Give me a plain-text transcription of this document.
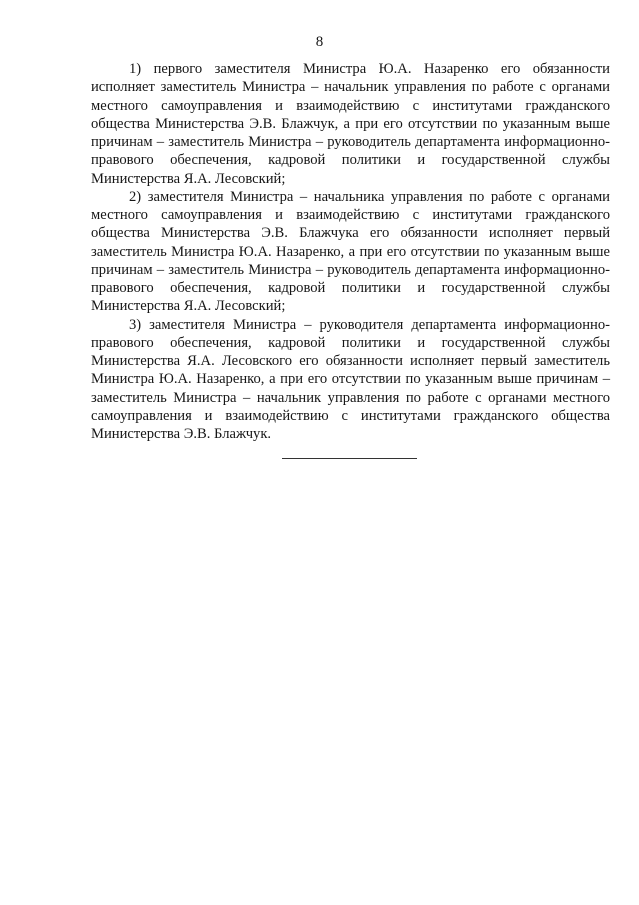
8

1) первого заместителя Министра Ю.А. Назаренко его обязанности исполняет заместитель Министра – начальник управления по работе с органами местного самоуправления и взаимодействию с институтами гражданского общества Министерства Э.В. Блажчук, а при его отсутствии по указанным выше причинам – заместитель Министра – руководитель департамента информационно-правового обеспечения, кадровой политики и государственной службы Министерства Я.А. Лесовский;

2) заместителя Министра – начальника управления по работе с органами местного самоуправления и взаимодействию с институтами гражданского общества Министерства Э.В. Блажчука его обязанности исполняет первый заместитель Министра Ю.А. Назаренко, а при его отсутствии по указанным выше причинам – заместитель Министра – руководитель департамента информационно-правового обеспечения, кадровой политики и государственной службы Министерства Я.А. Лесовский;

3) заместителя Министра – руководителя департамента информационно-правового обеспечения, кадровой политики и государственной службы Министерства Я.А. Лесовского его обязанности исполняет первый заместитель Министра Ю.А. Назаренко, а при его отсутствии по указанным выше причинам – заместитель Министра – начальник управления по работе с органами местного самоуправления и взаимодействию с институтами гражданского общества Министерства Э.В. Блажчук.
